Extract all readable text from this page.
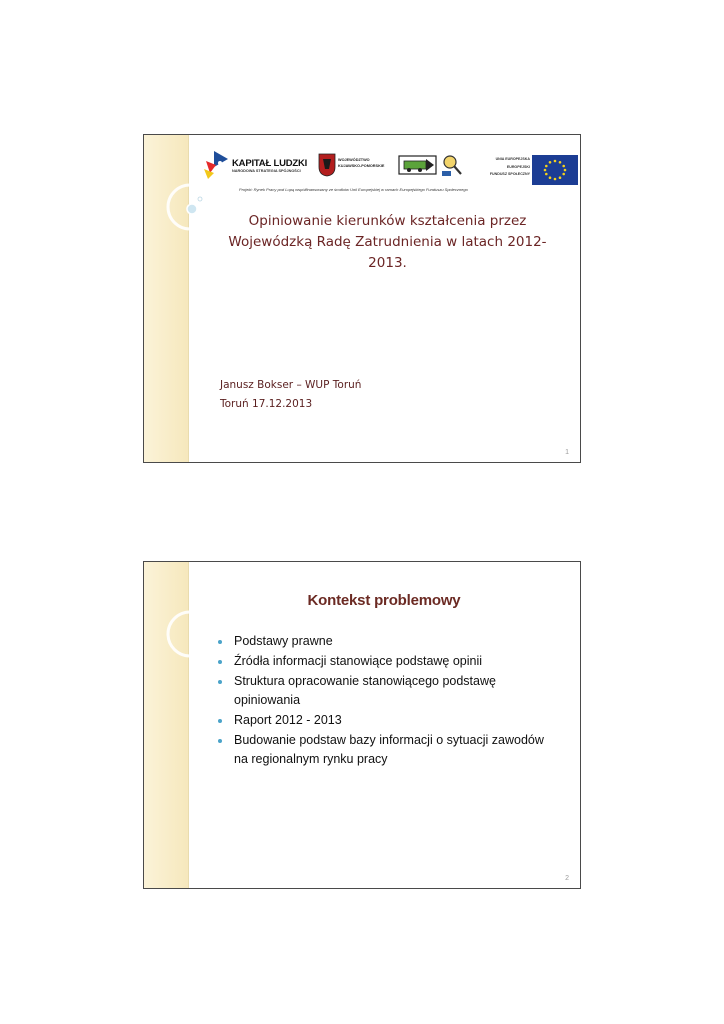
KAPITAŁ LUDZKI
NARODOWA STRATEGIA SPÓJNOŚCI
WOJEWÓDZTWO
KUJAWSKO-POMORSKIE
UNIA EUROPEJSKA
EUROPEJSKI
FUNDUSZ SPOŁECZNY
Projekt: Rynek Pracy pod Lupą współfinansowany ze środków Unii Europejskiej w ramach Europejskiego Funduszu Społecznego
Opiniowanie kierunków kształcenia przez Wojewódzką Radę Zatrudnienia w latach 2012- 2013.
Janusz Bokser – WUP Toruń
Toruń 17.12.2013
1
Kontekst problemowy
Podstawy prawne
Źródła informacji stanowiące podstawę opinii
Struktura opracowanie stanowiącego podstawę opiniowania
Raport 2012 - 2013
Budowanie podstaw bazy informacji o sytuacji zawodów na regionalnym rynku pracy
2
